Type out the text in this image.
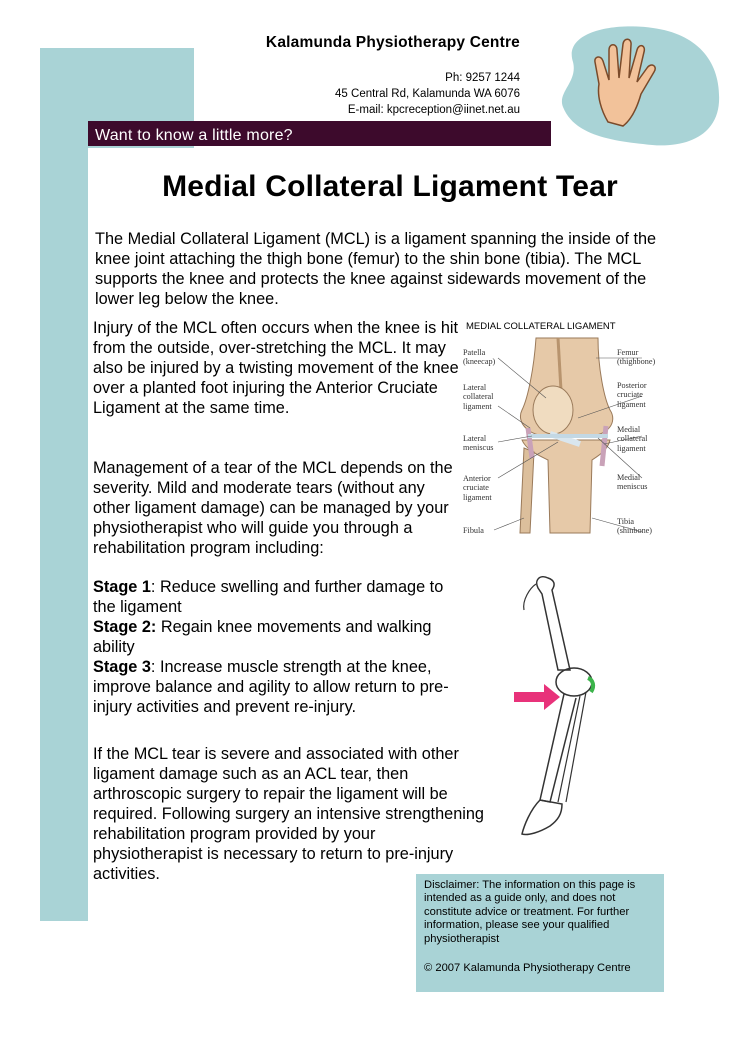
Kalamunda Physiotherapy Centre
Ph: 9257 1244
45 Central Rd, Kalamunda WA 6076
E-mail: kpcreception@iinet.net.au
Want to know a little more?
Medial Collateral Ligament Tear
The Medial Collateral Ligament (MCL) is a ligament spanning the inside of the knee joint attaching the thigh bone (femur) to the shin bone (tibia). The MCL supports the knee and protects the knee against sidewards movement of the lower leg below the knee.
Injury of the MCL often occurs when the knee is hit from the outside, over-stretching the MCL. It may also be injured by a twisting movement of the knee over a planted foot injuring the Anterior Cruciate Ligament at the same time.
Management of a tear of the MCL depends on the severity. Mild and moderate tears (without any other ligament damage) can be managed by your physiotherapist who will guide you through a rehabilitation program including:
Stage 1: Reduce swelling and further damage to the ligament
Stage 2: Regain knee movements and walking ability
Stage 3: Increase muscle strength at the knee, improve balance and agility to allow return to pre-injury activities and prevent re-injury.
If the MCL tear is severe and associated with other ligament damage such as an ACL tear, then arthroscopic surgery to repair the ligament will be required. Following surgery an intensive strengthening rehabilitation program provided by your physiotherapist is necessary to return to pre-injury activities.
MEDIAL COLLATERAL LIGAMENT
Patella
(kneecap)
Lateral
collateral
ligament
Lateral
meniscus
Anterior
cruciate
ligament
Fibula
Femur
(thighbone)
Posterior
cruciate
ligament
Medial
collateral
ligament
Medial
meniscus
Tibia
(shinbone)
Disclaimer: The information on this page is intended as a guide only, and does not constitute advice or treatment. For further information, please see your qualified physiotherapist
© 2007 Kalamunda Physiotherapy Centre
